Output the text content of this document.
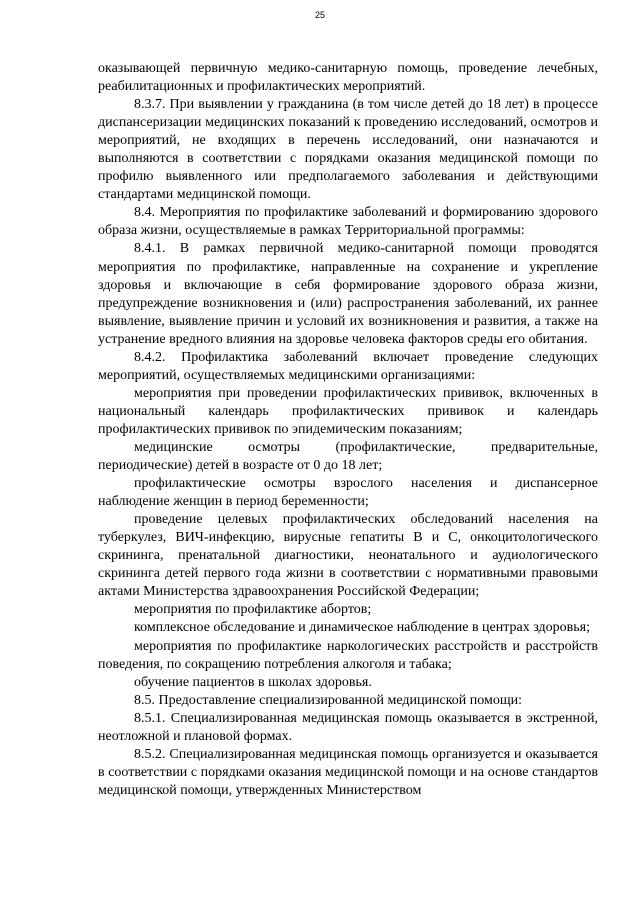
25

оказывающей первичную медико-санитарную помощь, проведение лечебных, реабилитационных и профилактических мероприятий.

8.3.7. При выявлении у гражданина (в том числе детей до 18 лет) в процессе диспансеризации медицинских показаний к проведению исследований, осмотров и мероприятий, не входящих в перечень исследований, они назначаются и выполняются в соответствии с порядками оказания медицинской помощи по профилю выявленного или предполагаемого заболевания и действующими стандартами медицинской помощи.

8.4. Мероприятия по профилактике заболеваний и формированию здорового образа жизни, осуществляемые в рамках Территориальной программы:

8.4.1. В рамках первичной медико-санитарной помощи проводятся мероприятия по профилактике, направленные на сохранение и укрепление здоровья и включающие в себя формирование здорового образа жизни, предупреждение возникновения и (или) распространения заболеваний, их раннее выявление, выявление причин и условий их возникновения и развития, а также на устранение вредного влияния на здоровье человека факторов среды его обитания.

8.4.2. Профилактика заболеваний включает проведение следующих мероприятий, осуществляемых медицинскими организациями:

мероприятия при проведении профилактических прививок, включенных в национальный календарь профилактических прививок и календарь профилактических прививок по эпидемическим показаниям;

медицинские осмотры (профилактические, предварительные, периодические) детей в возрасте от 0 до 18 лет;

профилактические осмотры взрослого населения и диспансерное наблюдение женщин в период беременности;

проведение целевых профилактических обследований населения на туберкулез, ВИЧ-инфекцию, вирусные гепатиты В и С, онкоцитологического скрининга, пренатальной диагностики, неонатального и аудиологического скрининга детей первого года жизни в соответствии с нормативными правовыми актами Министерства здравоохранения Российской Федерации;

мероприятия по профилактике абортов;

комплексное обследование и динамическое наблюдение в центрах здоровья;

мероприятия по профилактике наркологических расстройств и расстройств поведения, по сокращению потребления алкоголя и табака;

обучение пациентов в школах здоровья.

8.5. Предоставление специализированной медицинской помощи:

8.5.1. Специализированная медицинская помощь оказывается в экстренной, неотложной и плановой формах.

8.5.2. Специализированная медицинская помощь организуется и оказывается в соответствии с порядками оказания медицинской помощи и на основе стандартов медицинской помощи, утвержденных Министерством
